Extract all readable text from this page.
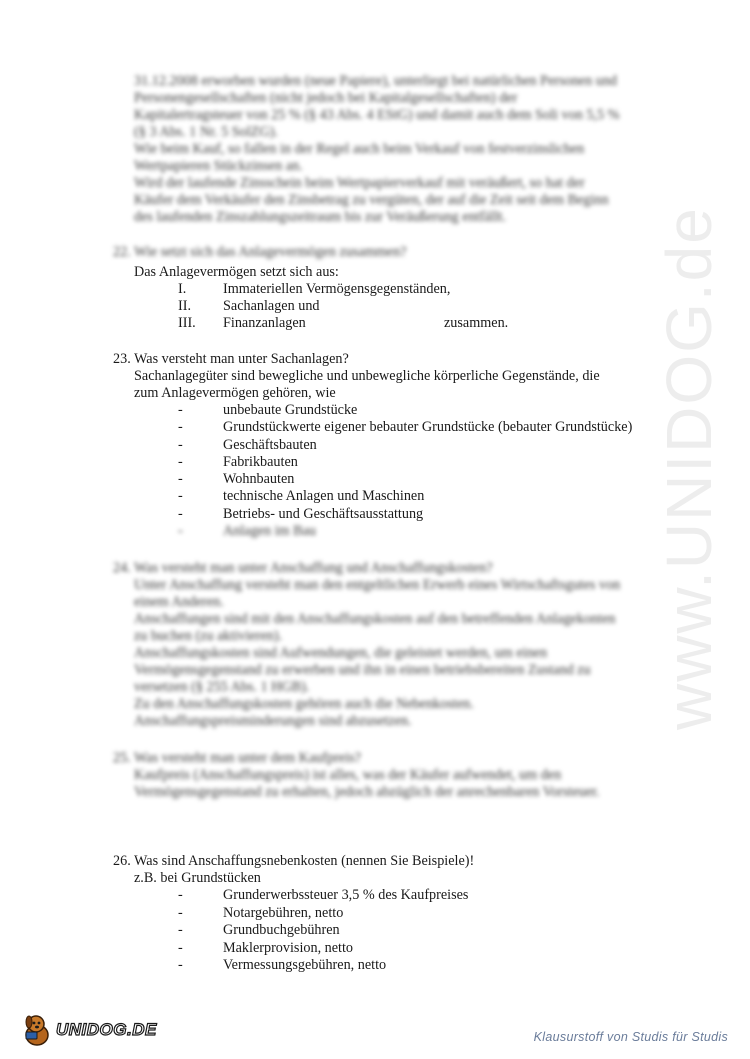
www.UNIDOG.de
31.12.2008 erworben wurden (neue Papiere), unterliegt bei natürlichen Personen und
Personengesellschaften (nicht jedoch bei Kapitalgesellschaften) der
Kapitalertragsteuer von 25 % (§ 43 Abs. 4 EStG) und damit auch dem Soli von 5,5 %
(§ 3 Abs. 1 Nr. 5 SolZG).
Wie beim Kauf, so fallen in der Regel auch beim Verkauf von festverzinslichen
Wertpapieren Stückzinsen an.
Wird der laufende Zinsschein beim Wertpapierverkauf mit veräußert, so hat der
Käufer dem Verkäufer den Zinsbetrag zu vergüten, der auf die Zeit seit dem Beginn
des laufenden Zinszahlungszeitraum bis zur Veräußerung entfällt.
22. Wie setzt sich das Anlagevermögen zusammen?
Das Anlagevermögen setzt sich aus:
I.	Immateriellen Vermögensgegenständen,
II. Sachanlagen und
III. Finanzanlagen	zusammen.
23. Was versteht man unter Sachanlagen?
Sachanlagegüter sind bewegliche und unbewegliche körperliche Gegenstände, die
zum Anlagevermögen gehören, wie
-	unbebaute Grundstücke
-	Grundstückwerte eigener bebauter Grundstücke (bebauter Grundstücke)
-	Geschäftsbauten
-	Fabrikbauten
-	Wohnbauten
-	technische Anlagen und Maschinen
-	Betriebs- und Geschäftsausstattung
-	Anlagen im Bau
24. Was versteht man unter Anschaffung und Anschaffungskosten?
Unter Anschaffung versteht man den entgeltlichen Erwerb eines Wirtschaftsgutes von
einem Anderen.
Anschaffungen sind mit den Anschaffungskosten auf den betreffenden Anlagekonten
zu buchen (zu aktivieren).
Anschaffungskosten sind Aufwendungen, die geleistet werden, um einen
Vermögensgegenstand zu erwerben und ihn in einen betriebsbereiten Zustand zu
versetzen (§ 255 Abs. 1 HGB).
Zu den Anschaffungskosten gehören auch die Nebenkosten.
Anschaffungspreisminderungen sind abzusetzen.
25. Was versteht man unter dem Kaufpreis?
Kaufpreis (Anschaffungspreis) ist alles, was der Käufer aufwendet, um den
Vermögensgegenstand zu erhalten, jedoch abzüglich der anrechenbaren Vorsteuer.
26. Was sind Anschaffungsnebenkosten (nennen Sie Beispiele)!
z.B. bei Grundstücken
-	Grunderwerbssteuer 3,5 % des Kaufpreises
-	Notargebühren, netto
-	Grundbuchgebühren
-	Maklerprovision, netto
-	Vermessungsgebühren, netto
UNIDOG.DE	Klausurstoff von Studis für Studis
